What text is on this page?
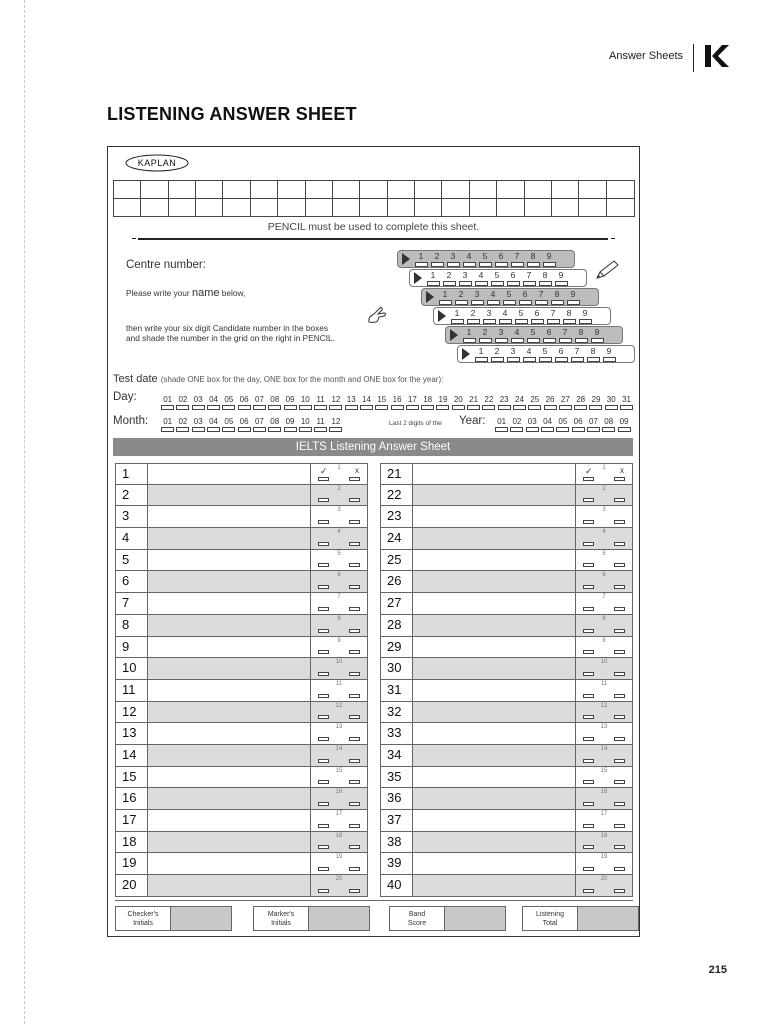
Answer Sheets
LISTENING ANSWER SHEET
KAPLAN
PENCIL must be used to complete this sheet.
Centre number:
Please write your name below,
then write your six digit Candidate number in the boxes
and shade the number in the grid on the right in PENCIL.
1	2	3	4	5	6	7	8	9
1	2	3	4	5	6	7	8	9
1	2	3	4	5	6	7	8	9
1	2	3	4	5	6	7	8	9
1	2	3	4	5	6	7	8	9
1	2	3	4	5	6	7	8	9
Test date (shade ONE box for the day, ONE box for the month and ONE box for the year):
Day:	01 02 03 04 05 06 07 08 09 10 11 12 13 14 15 16 17 18 19 20 21 22 23 24 25 26 27 28 29 30 31
Month:	01 02 03 04 05 06 07 08 09 10 11 12	Last 2 digits of the Year:	01 02 03 04 05 06 07 08 09
IELTS Listening Answer Sheet
1	1
✓	x
2	2
3	3
4	4
5	5
6	6
7	7
8	8
9	9
10	10
11	11
12	12
13	13
14	14
15	15
16	16
17	17
18	18
19	19
20	20
21	1
✓	x
22	2
23	3
24	4
25	5
26	6
27	7
28	8
29	9
30	10
31	11
32	12
33	13
34	14
35	15
36	16
37	17
38	18
39	19
40	20
Checker's
Initials
Marker's
Initials
Band
Score
Listening
Total
215
